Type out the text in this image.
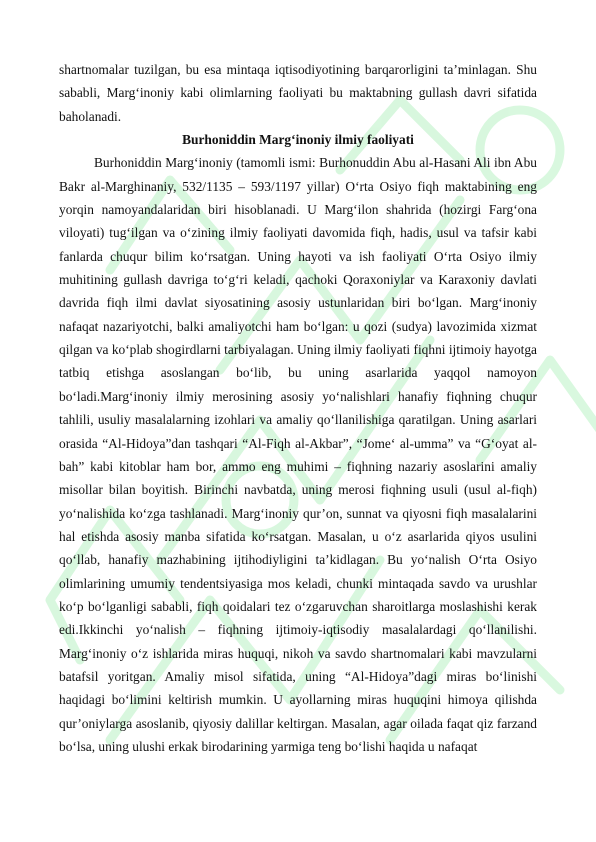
shartnomalar tuzilgan, bu esa mintaqa iqtisodiyotining barqarorligini ta’minlagan. Shu sababli, Marg‘inoniy kabi olimlarning faoliyati bu maktabning gullash davri sifatida baholanadi.

Burhoniddin Marg‘inoniy ilmiy faoliyati

Burhoniddin Marg‘inoniy (tamomli ismi: Burhonuddin Abu al-Hasani Ali ibn Abu Bakr al-Marghinaniy, 532/1135 – 593/1197 yillar) O‘rta Osiyo fiqh maktabining eng yorqin namoyandalaridan biri hisoblanadi. U Marg‘ilon shahrida (hozirgi Farg‘ona viloyati) tug‘ilgan va o‘zining ilmiy faoliyati davomida fiqh, hadis, usul va tafsir kabi fanlarda chuqur bilim ko‘rsatgan. Uning hayoti va ish faoliyati O‘rta Osiyo ilmiy muhitining gullash davriga to‘g‘ri keladi, qachoki Qoraxoniylar va Karaxoniy davlati davrida fiqh ilmi davlat siyosatining asosiy ustunlaridan biri bo‘lgan. Marg‘inoniy nafaqat nazariyotchi, balki amaliyotchi ham bo‘lgan: u qozi (sudya) lavozimida xizmat qilgan va ko‘plab shogirdlarni tarbiyalagan. Uning ilmiy faoliyati fiqhni ijtimoiy hayotga tatbiq etishga asoslangan bo‘lib, bu uning asarlarida yaqqol namoyon bo‘ladi.Marg‘inoniy ilmiy merosining asosiy yo‘nalishlari hanafiy fiqhning chuqur tahlili, usuliy masalalarning izohlari va amaliy qo‘llanilishiga qaratilgan. Uning asarlari orasida “Al-Hidoya”dan tashqari “Al-Fiqh al-Akbar”, “Jome‘ al-umma” va “G‘oyat al-bah” kabi kitoblar ham bor, ammo eng muhimi – fiqhning nazariy asoslarini amaliy misollar bilan boyitish. Birinchi navbatda, uning merosi fiqhning usuli (usul al-fiqh) yo‘nalishida ko‘zga tashlanadi. Marg‘inoniy qur’on, sunnat va qiyosni fiqh masalalarini hal etishda asosiy manba sifatida ko‘rsatgan. Masalan, u o‘z asarlarida qiyos usulini qo‘llab, hanafiy mazhabining ijtihodiyligini ta’kidlagan. Bu yo‘nalish O‘rta Osiyo olimlarining umumiy tendentsiyasiga mos keladi, chunki mintaqada savdo va urushlar ko‘p bo‘lganligi sababli, fiqh qoidalari tez o‘zgaruvchan sharoitlarga moslashishi kerak edi.Ikkinchi yo‘nalish – fiqhning ijtimoiy-iqtisodiy masalalardagi qo‘llanilishi. Marg‘inoniy o‘z ishlarida miras huquqi, nikoh va savdo shartnomalari kabi mavzularni batafsil yoritgan. Amaliy misol sifatida, uning “Al-Hidoya”dagi miras bo‘linishi haqidagi bo‘limini keltirish mumkin. U ayollarning miras huquqini himoya qilishda qur’oniylarga asoslanib, qiyosiy dalillar keltirgan. Masalan, agar oilada faqat qiz farzand bo‘lsa, uning ulushi erkak birodarining yarmiga teng bo‘lishi haqida u nafaqat
